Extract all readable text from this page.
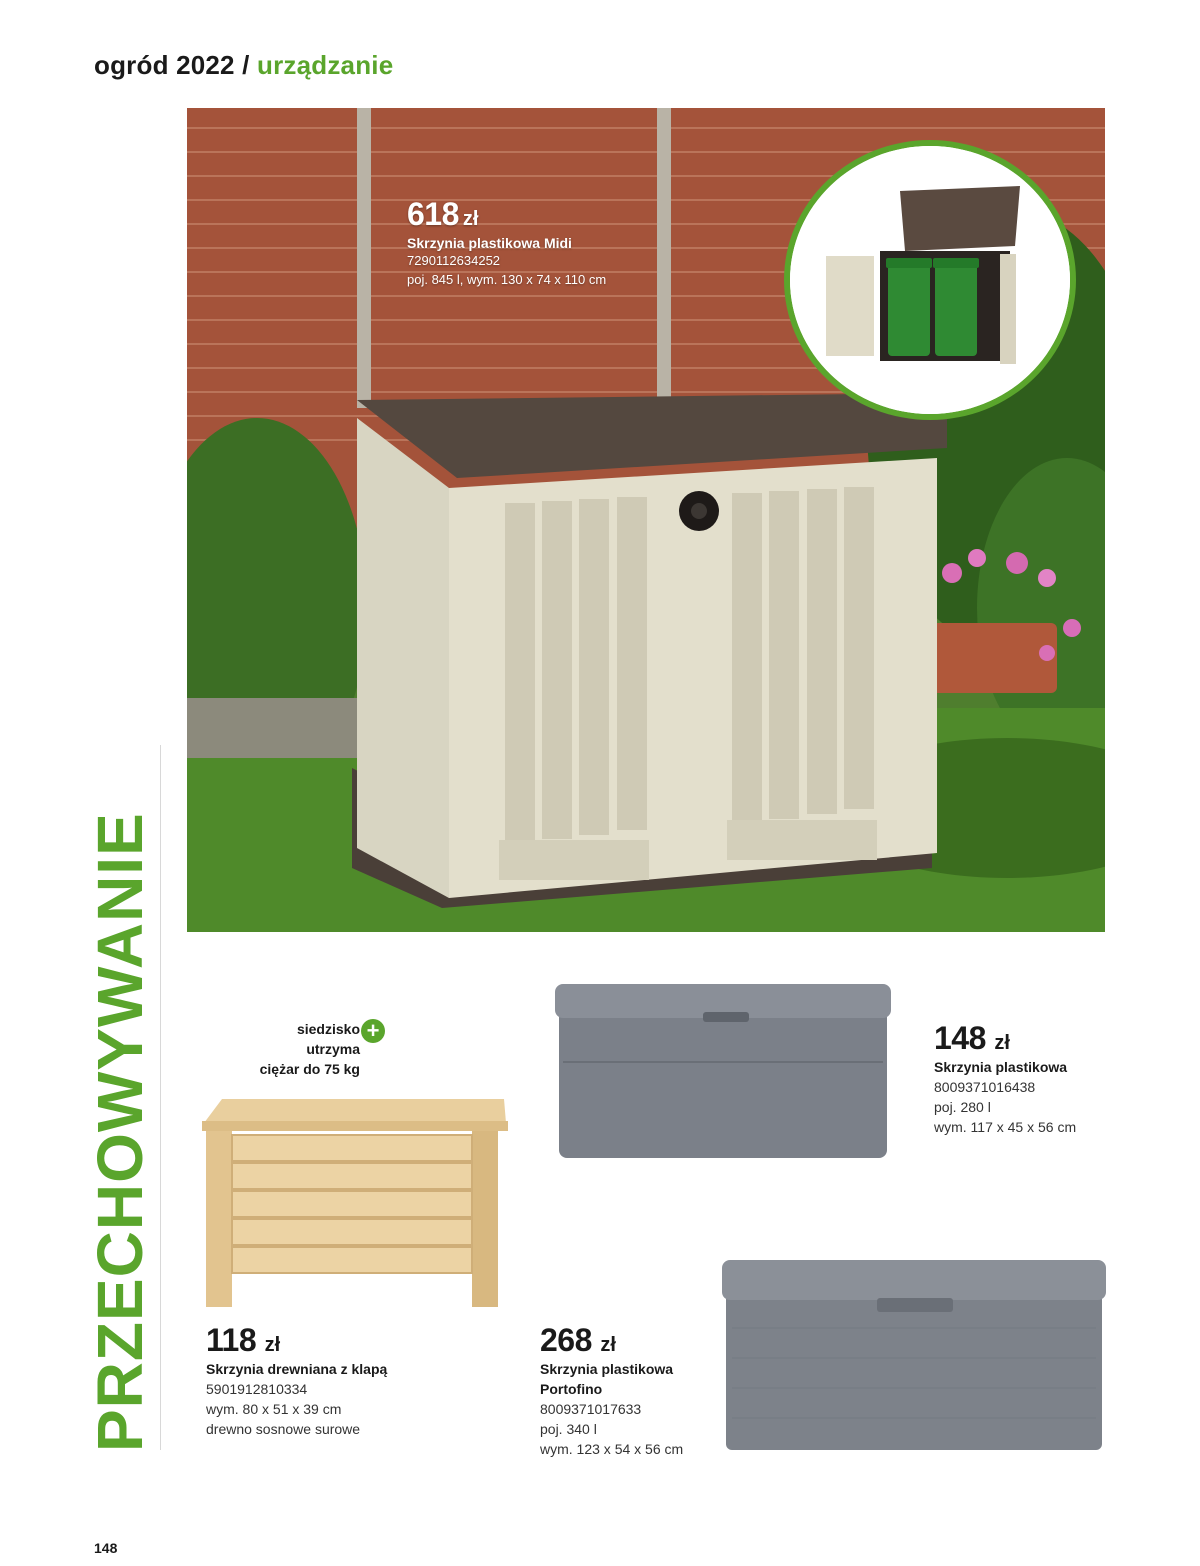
ogród 2022 / urządzanie
PRZECHOWYWANIE
618 zł
Skrzynia plastikowa Midi
7290112634252
poj. 845 l, wym. 130 x 74 x 110 cm
148 zł
Skrzynia plastikowa
8009371016438
poj. 280 l
wym. 117 x 45 x 56 cm
siedzisko
utrzyma
ciężar do 75 kg
+
118 zł
Skrzynia drewniana z klapą
5901912810334
wym. 80 x 51 x 39 cm
drewno sosnowe surowe
268 zł
Skrzynia plastikowa
Portofino
8009371017633
poj. 340 l
wym. 123 x 54 x 56 cm
148
